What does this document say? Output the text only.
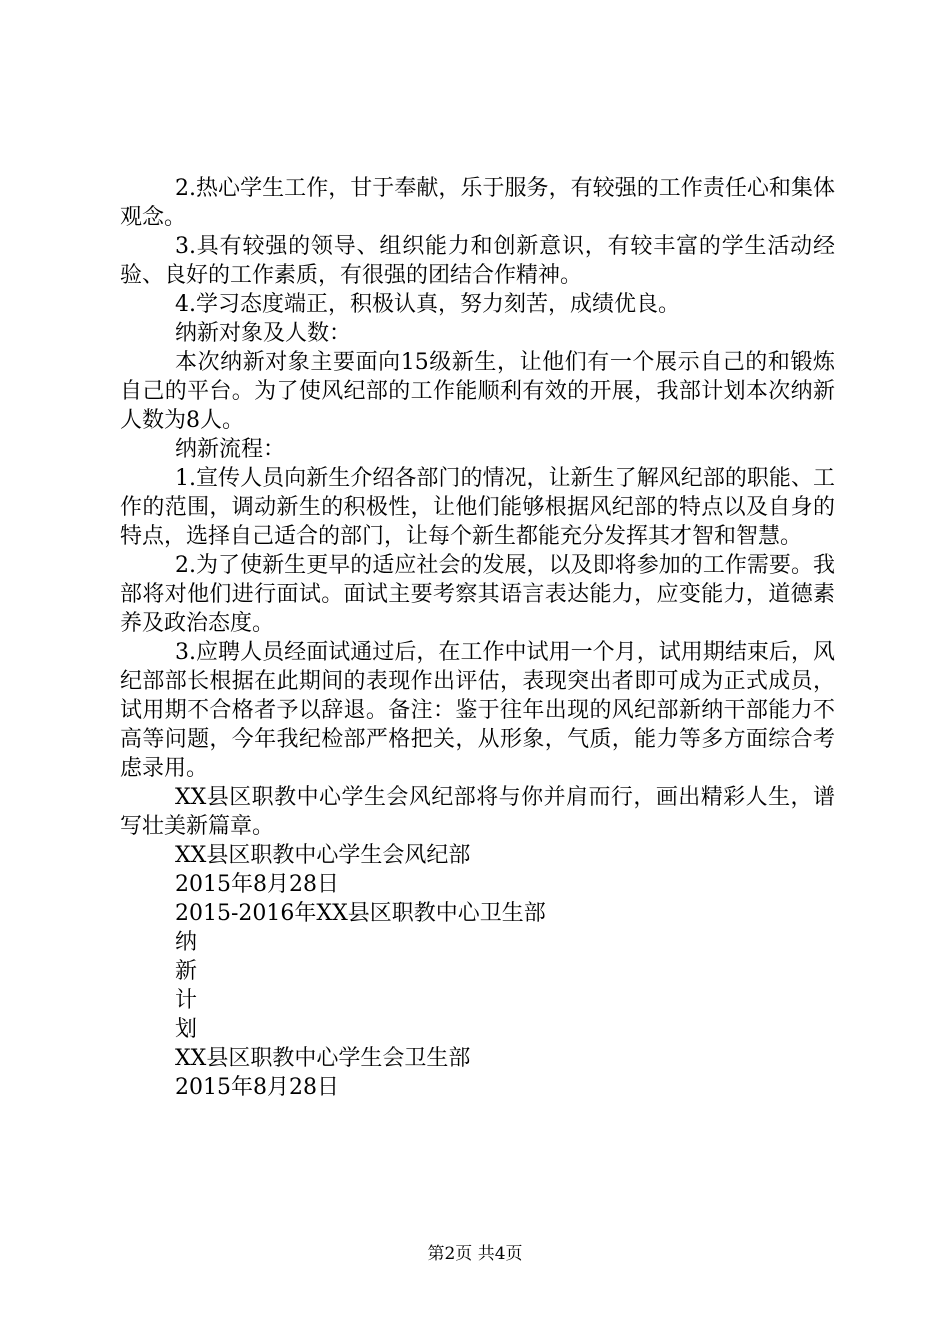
2.热心学生工作，甘于奉献，乐于服务，有较强的工作责任心和集体观念。

3.具有较强的领导、组织能力和创新意识，有较丰富的学生活动经验、良好的工作素质，有很强的团结合作精神。

4.学习态度端正，积极认真，努力刻苦，成绩优良。

纳新对象及人数：

本次纳新对象主要面向15级新生，让他们有一个展示自己的和锻炼自己的平台。为了使风纪部的工作能顺利有效的开展，我部计划本次纳新人数为8人。

纳新流程：

1.宣传人员向新生介绍各部门的情况，让新生了解风纪部的职能、工作的范围，调动新生的积极性，让他们能够根据风纪部的特点以及自身的特点，选择自己适合的部门，让每个新生都能充分发挥其才智和智慧。

2.为了使新生更早的适应社会的发展，以及即将参加的工作需要。我部将对他们进行面试。面试主要考察其语言表达能力，应变能力，道德素养及政治态度。

3.应聘人员经面试通过后，在工作中试用一个月，试用期结束后，风纪部部长根据在此期间的表现作出评估，表现突出者即可成为正式成员，试用期不合格者予以辞退。备注：鉴于往年出现的风纪部新纳干部能力不高等问题，今年我纪检部严格把关，从形象，气质，能力等多方面综合考虑录用。

XX县区职教中心学生会风纪部将与你并肩而行，画出精彩人生，谱写壮美新篇章。

XX县区职教中心学生会风纪部

2015年8月28日

2015-2016年XX县区职教中心卫生部

纳

新

计

划

XX县区职教中心学生会卫生部

2015年8月28日

第2页 共4页
